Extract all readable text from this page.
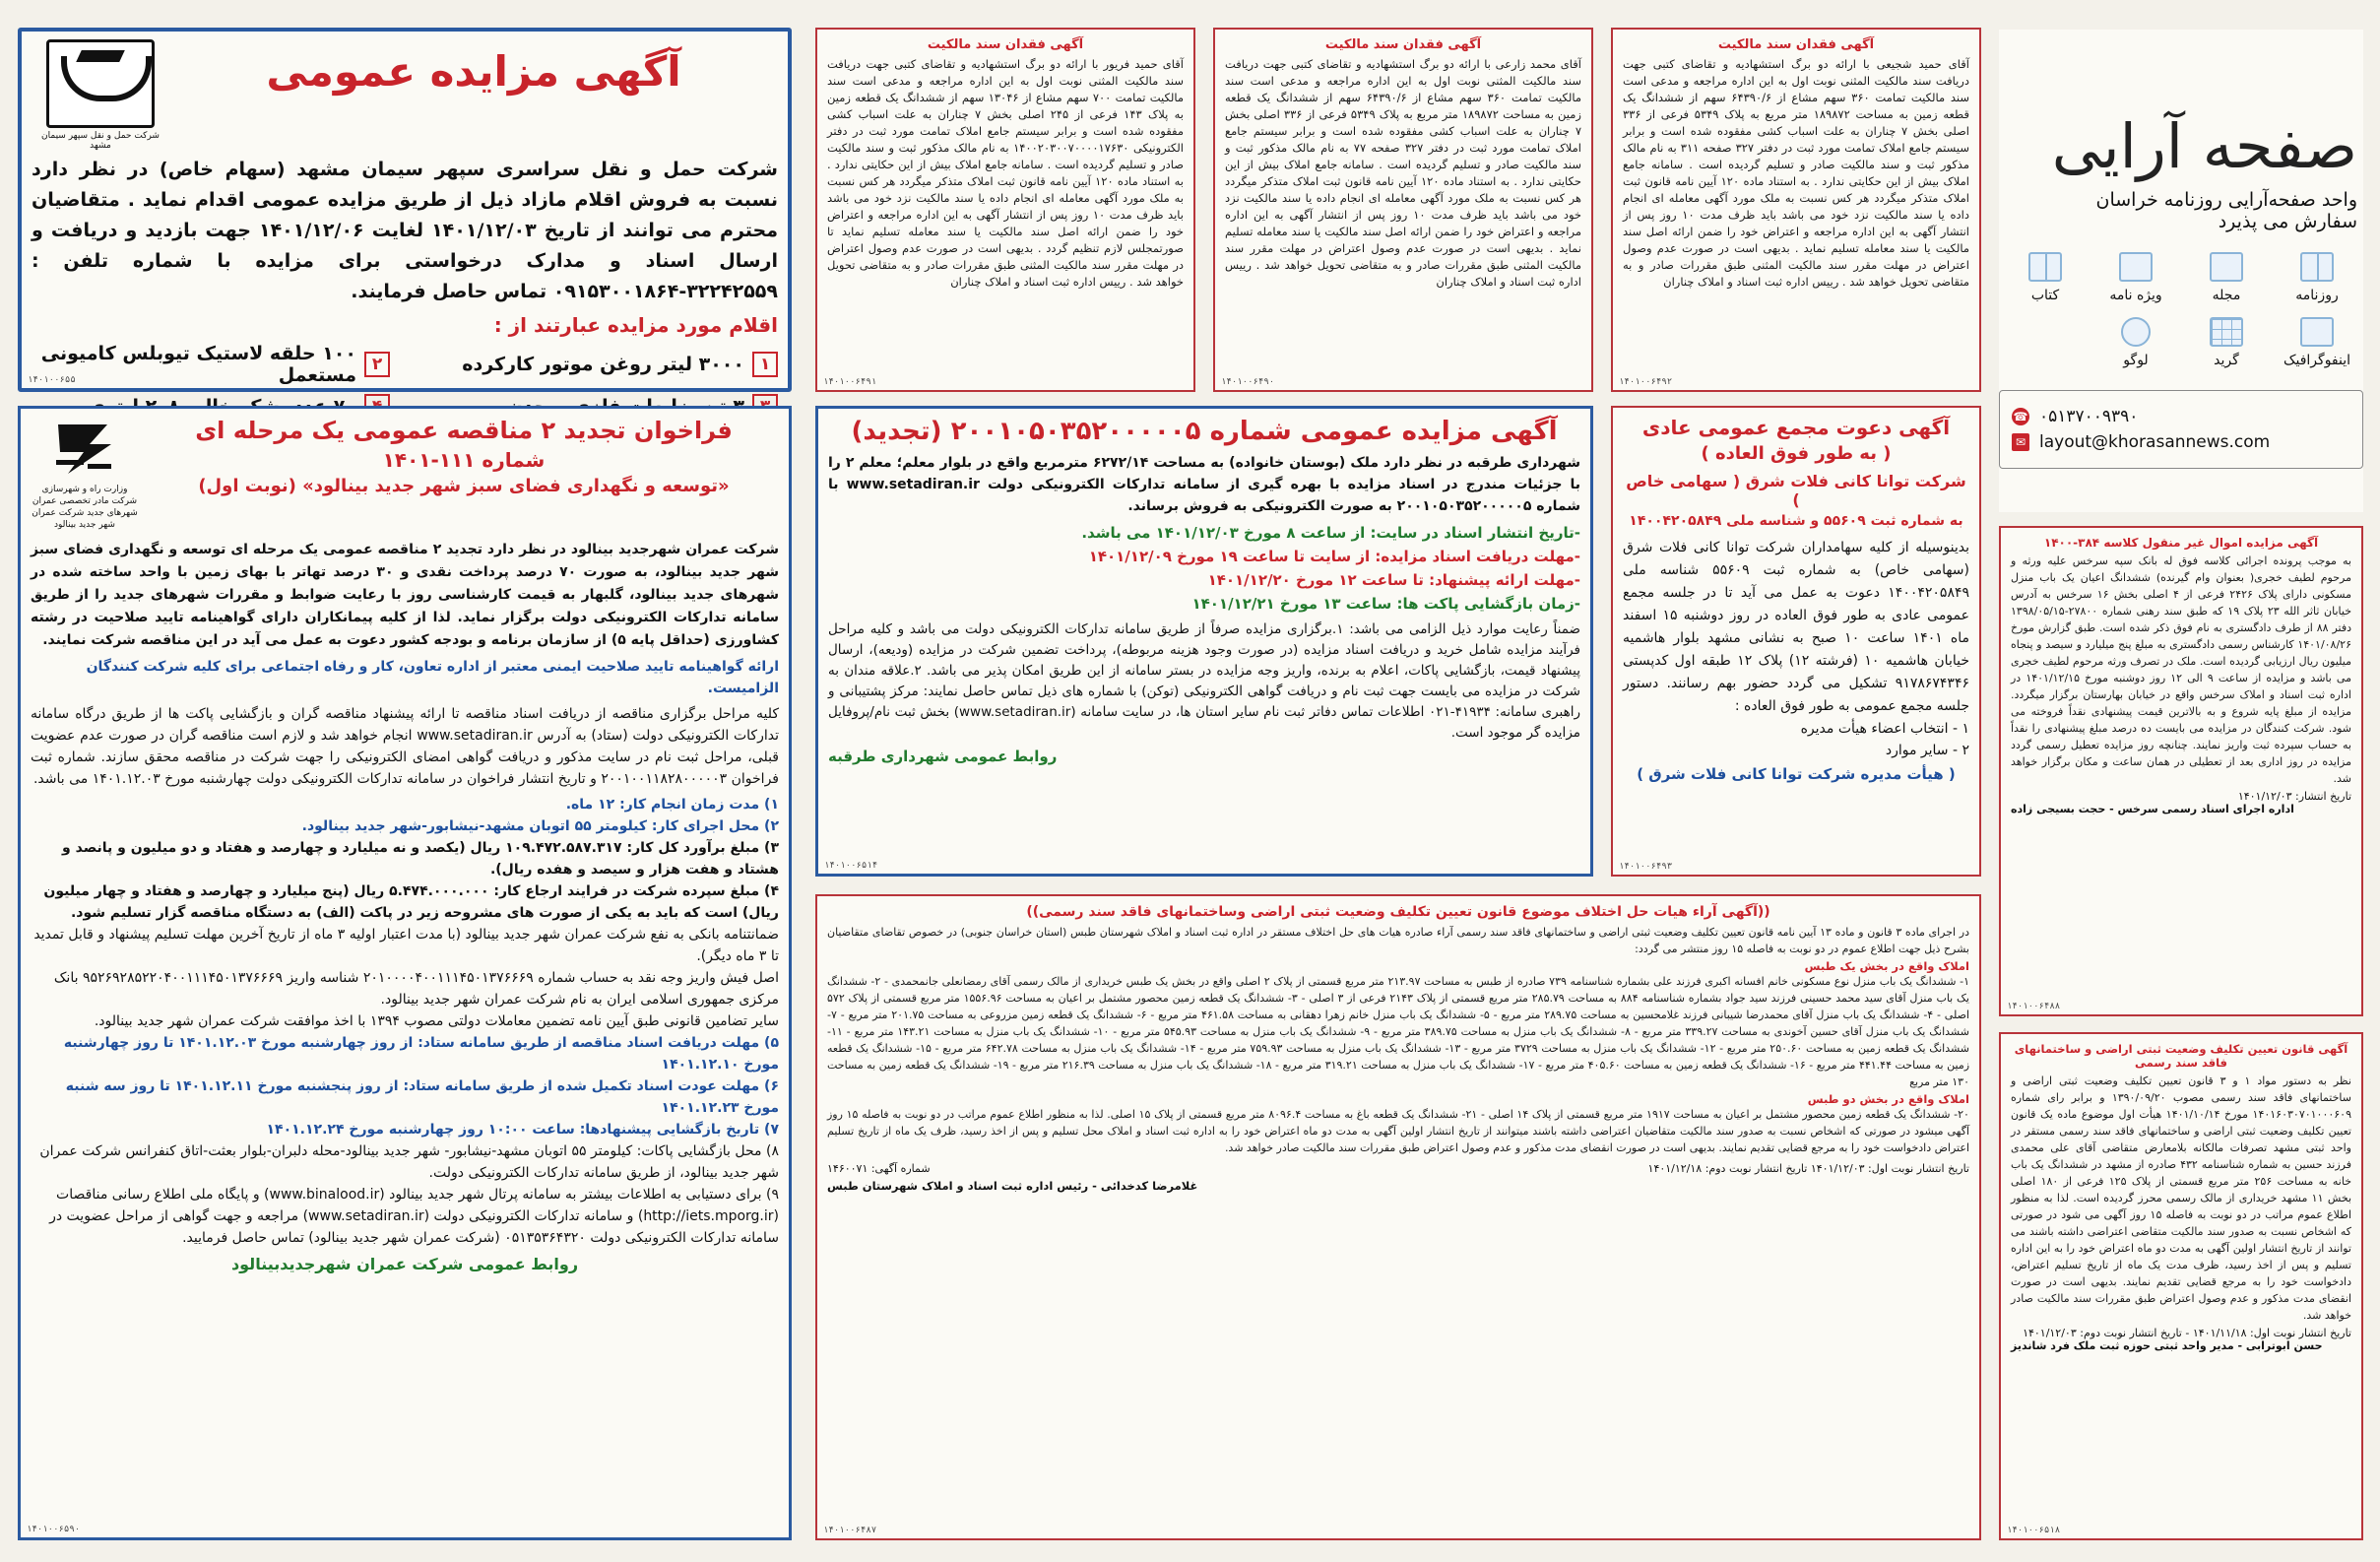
صفحه آرایی
واحد صفحه‌آرایی روزنامه خراسان
سفارش می پذیرد
روزنامه
مجله
ویژه نامه
کتاب
اینفوگرافیک
گرید
لوگو
☎ ۰۵۱۳۷۰۰۹۳۹۰
✉ layout@khorasannews.com
آگهی مزایده عمومی
شرکت حمل و نقل سپهر سیمان مشهد
شرکت حمل و نقل سراسری سپهر سیمان مشهد (سهام خاص) در نظر دارد نسبت به فروش اقلام مازاد ذیل از طریق مزایده عمومی اقدام نماید . متقاضیان محترم می توانند از تاریخ ۱۴۰۱/۱۲/۰۳ لغایت ۱۴۰۱/۱۲/۰۶ جهت بازدید و دریافت و ارسال اسناد و مدارک درخواستی برای مزایده با شماره تلفن : ۳۲۲۴۲۵۵۹-۰۹۱۵۳۰۰۱۸۶۴ تماس حاصل فرمایند.
اقلام مورد مزایده عبارتند از :
۱
۳۰۰۰ لیتر روغن موتور کارکرده
۲
۱۰۰ حلقه لاستیک تیوبلس کامیونی مستعمل
۱۴۰۱۰۰۶۵۵
آگهی فقدان سند مالکیت
آقای حمید فریور با ارائه دو برگ استشهادیه و تقاضای کتبی جهت دریافت سند مالکیت المثنی نوبت اول به این اداره مراجعه و مدعی است سند مالکیت تمامت ۷۰۰ سهم مشاع از ۱۳۰۴۶ سهم از ششدانگ یک قطعه زمین به پلاک ۱۴۳ فرعی از ۲۴۵ اصلی بخش ۷ چناران به علت اسباب کشی مفقوده شده است و برابر سیستم جامع املاک تمامت مورد ثبت در دفتر الکترونیکی ۱۴۰۰۲۰۳۰۰۷۰۰۰۰۱۷۶۳۰ به نام مالک مذکور ثبت و سند مالکیت صادر و تسلیم گردیده است . سامانه جامع املاک بیش از این حکایتی ندارد . به استناد ماده ۱۲۰ آیین نامه قانون ثبت املاک متذکر میگردد هر کس نسبت به ملک مورد آگهی معامله ای انجام داده یا سند مالکیت نزد خود می باشد باید ظرف مدت ۱۰ روز پس از انتشار آگهی به این اداره مراجعه و اعتراض خود را ضمن ارائه اصل سند مالکیت یا سند معامله تسلیم نماید تا صورتمجلس لازم تنظیم گردد . بدیهی است در صورت عدم وصول اعتراض در مهلت مقرر سند مالکیت المثنی طبق مقررات صادر و به متقاضی تحویل خواهد شد . رییس اداره ثبت اسناد و املاک چناران
۱۴۰۱۰۰۶۴۹۱
آگهی فقدان سند مالکیت
آقای محمد زارعی با ارائه دو برگ استشهادیه و تقاضای کتبی جهت دریافت سند مالکیت المثنی نوبت اول به این اداره مراجعه و مدعی است سند مالکیت تمامت ۳۶۰ سهم مشاع از ۶۴۳۹۰/۶ سهم از ششدانگ یک قطعه زمین به مساحت ۱۸۹۸۷۲ متر مربع به پلاک ۵۳۴۹ فرعی از ۳۳۶ اصلی بخش ۷ چناران به علت اسباب کشی مفقوده شده است و برابر سیستم جامع املاک تمامت مورد ثبت در دفتر ۳۲۷ صفحه ۷۷ به نام مالک مذکور ثبت و سند مالکیت صادر و تسلیم گردیده است . سامانه جامع املاک بیش از این حکایتی ندارد . به استناد ماده ۱۲۰ آیین نامه قانون ثبت املاک متذکر میگردد هر کس نسبت به ملک مورد آگهی معامله ای انجام داده یا سند مالکیت نزد خود می باشد باید ظرف مدت ۱۰ روز پس از انتشار آگهی به این اداره مراجعه و اعتراض خود را ضمن ارائه اصل سند مالکیت یا سند معامله تسلیم نماید . بدیهی است در صورت عدم وصول اعتراض در مهلت مقرر سند مالکیت المثنی طبق مقررات صادر و به متقاضی تحویل خواهد شد . رییس اداره ثبت اسناد و املاک چناران
۱۴۰۱۰۰۶۴۹۰
آگهی فقدان سند مالکیت
آقای حمید شجیعی با ارائه دو برگ استشهادیه و تقاضای کتبی جهت دریافت سند مالکیت المثنی نوبت اول به این اداره مراجعه و مدعی است سند مالکیت تمامت ۳۶۰ سهم مشاع از ۶۴۳۹۰/۶ سهم از ششدانگ یک قطعه زمین به مساحت ۱۸۹۸۷۲ متر مربع به پلاک ۵۳۴۹ فرعی از ۳۳۶ اصلی بخش ۷ چناران به علت اسباب کشی مفقوده شده است و برابر سیستم جامع املاک تمامت مورد ثبت در دفتر ۳۲۷ صفحه ۳۱۱ به نام مالک مذکور ثبت و سند مالکیت صادر و تسلیم گردیده است . سامانه جامع املاک بیش از این حکایتی ندارد . به استناد ماده ۱۲۰ آیین نامه قانون ثبت املاک متذکر میگردد هر کس نسبت به ملک مورد آگهی معامله ای انجام داده یا سند مالکیت نزد خود می باشد باید ظرف مدت ۱۰ روز پس از انتشار آگهی به این اداره مراجعه و اعتراض خود را ضمن ارائه اصل سند مالکیت یا سند معامله تسلیم نماید . بدیهی است در صورت عدم وصول اعتراض در مهلت مقرر سند مالکیت المثنی طبق مقررات صادر و به متقاضی تحویل خواهد شد . رییس اداره ثبت اسناد و املاک چناران
۱۴۰۱۰۰۶۴۹۲
فراخوان تجدید ۲ مناقصه عمومی یک مرحله ای
شماره ۱۱۱-۱۴۰۱
«توسعه و نگهداری فضای سبز شهر جدید بینالود» (نوبت اول)
وزارت راه و شهرسازی شرکت مادر تخصصی عمران شهرهای جدید شرکت عمران شهر جدید بینالود
شرکت عمران شهرجدید بینالود در نظر دارد تجدید ۲ مناقصه عمومی یک مرحله ای توسعه و نگهداری فضای سبز شهر جدید بینالود، به صورت ۷۰ درصد پرداخت نقدی و ۳۰ درصد تهاتر با بهای زمین با واحد ساخته شده در شهرهای جدید بینالود، گلبهار به قیمت کارشناسی روز با رعایت ضوابط و مقررات شهرهای جدید را از طریق سامانه تدارکات الکترونیکی دولت برگزار نماید. لذا از کلیه پیمانکاران دارای گواهینامه تایید صلاحیت در رشته کشاورزی (حداقل پایه ۵) از سازمان برنامه و بودجه کشور دعوت به عمل می آید در این مناقصه شرکت نمایند.
ارائه گواهینامه تایید صلاحیت ایمنی معتبر از اداره تعاون، کار و رفاه اجتماعی برای کلیه شرکت کنندگان الزامیست.
کلیه مراحل برگزاری مناقصه از دریافت اسناد مناقصه تا ارائه پیشنهاد مناقصه گران و بازگشایی پاکت ها از طریق درگاه سامانه تدارکات الکترونیکی دولت (ستاد) به آدرس www.setadiran.ir انجام خواهد شد و لازم است مناقصه گران در صورت عدم عضویت قبلی، مراحل ثبت نام در سایت مذکور و دریافت گواهی امضای الکترونیکی را جهت شرکت در مناقصه محقق سازند. شماره ثبت فراخوان ۲۰۰۱۰۰۱۱۸۲۸۰۰۰۰۰۳ و تاریخ انتشار فراخوان در سامانه تدارکات الکترونیکی دولت چهارشنبه مورخ ۱۴۰۱.۱۲.۰۳ می باشد.
۱) مدت زمان انجام کار: ۱۲ ماه.
۲) محل اجرای کار: کیلومتر ۵۵ اتوبان مشهد-نیشابور-شهر جدید بینالود.
۳) مبلغ برآورد کل کار: ۱۰۹.۴۷۲.۵۸۷.۳۱۷ ریال (یکصد و نه میلیارد و چهارصد و هفتاد و دو میلیون و پانصد و هشتاد و هفت هزار و سیصد و هفده ریال).
۴) مبلغ سپرده شرکت در فرایند ارجاع کار: ۵.۴۷۴.۰۰۰.۰۰۰ ریال (پنج میلیارد و چهارصد و هفتاد و چهار میلیون ریال) است که باید به یکی از صورت های مشروحه زیر در پاکت (الف) به دستگاه مناقصه گزار تسلیم شود.
ضمانتنامه بانکی به نفع شرکت عمران شهر جدید بینالود (با مدت اعتبار اولیه ۳ ماه از تاریخ آخرین مهلت تسلیم پیشنهاد و قابل تمدید تا ۳ ماه دیگر).
اصل فیش واریز وجه نقد به حساب شماره ۲۰۱۰۰۰۰۴۰۰۱۱۱۴۵۰۱۳۷۶۶۶۹ شناسه واریز ۹۵۲۶۹۲۸۵۲۲۰۴۰۰۱۱۱۴۵۰۱۳۷۶۶۶۹ بانک مرکزی جمهوری اسلامی ایران به نام شرکت عمران شهر جدید بینالود.
سایر تضامین قانونی طبق آیین نامه تضمین معاملات دولتی مصوب ۱۳۹۴ با اخذ موافقت شرکت عمران شهر جدید بینالود.
۵) مهلت دریافت اسناد مناقصه از طریق سامانه ستاد: از روز چهارشنبه مورخ ۱۴۰۱.۱۲.۰۳ تا روز چهارشنبه مورخ ۱۴۰۱.۱۲.۱۰
۶) مهلت عودت اسناد تکمیل شده از طریق سامانه ستاد: از روز پنجشنبه مورخ ۱۴۰۱.۱۲.۱۱ تا روز سه شنبه مورخ ۱۴۰۱.۱۲.۲۳
۷) تاریخ بازگشایی پیشنهادها: ساعت ۱۰:۰۰ روز چهارشنبه مورخ ۱۴۰۱.۱۲.۲۴
۸) محل بازگشایی پاکات: کیلومتر ۵۵ اتوبان مشهد-نیشابور- شهر جدید بینالود-محله دلبران-بلوار بعثت-اتاق کنفرانس شرکت عمران شهر جدید بینالود، از طریق سامانه تدارکات الکترونیکی دولت.
۹) برای دستیابی به اطلاعات بیشتر به سامانه پرتال شهر جدید بینالود (www.binalood.ir) و پایگاه ملی اطلاع رسانی مناقصات (http://iets.mporg.ir) و سامانه تدارکات الکترونیکی دولت (www.setadiran.ir) مراجعه و جهت گواهی از مراحل عضویت در سامانه تدارکات الکترونیکی دولت ۰۵۱۳۵۳۶۴۳۲۰ (شرکت عمران شهر جدید بینالود) تماس حاصل فرمایید.
روابط عمومی شرکت عمران شهرجدیدبینالود
۱۴۰۱۰۰۶۵۹۰
آگهی مزایده عمومی شماره ۲۰۰۱۰۵۰۳۵۲۰۰۰۰۰۵ (تجدید)
شهرداری طرقبه در نظر دارد ملک (بوستان خانواده) به مساحت ۶۲۷۲/۱۴ مترمربع واقع در بلوار معلم؛ معلم ۲ را با جزئیات مندرج در اسناد مزایده با بهره گیری از سامانه تدارکات الکترونیکی دولت www.setadiran.ir با شماره ۲۰۰۱۰۵۰۳۵۲۰۰۰۰۰۵ به صورت الکترونیکی به فروش برساند.
-تاریخ انتشار اسناد در سایت: از ساعت ۸ مورخ ۱۴۰۱/۱۲/۰۳ می باشد.
-مهلت دریافت اسناد مزایده: از سایت تا ساعت ۱۹ مورخ ۱۴۰۱/۱۲/۰۹
-مهلت ارائه پیشنهاد: تا ساعت ۱۲ مورخ ۱۴۰۱/۱۲/۲۰
-زمان بازگشایی پاکت ها: ساعت ۱۳ مورخ ۱۴۰۱/۱۲/۲۱
ضمناً رعایت موارد ذیل الزامی می باشد: ۱.برگزاری مزایده صرفاً از طریق سامانه تدارکات الکترونیکی دولت می باشد و کلیه مراحل فرآیند مزایده شامل خرید و دریافت اسناد مزایده (در صورت وجود هزینه مربوطه)، پرداخت تضمین شرکت در مزایده (ودیعه)، ارسال پیشنهاد قیمت، بازگشایی پاکات، اعلام به برنده، واریز وجه مزایده در بستر سامانه از این طریق امکان پذیر می باشد. ۲.علاقه مندان به شرکت در مزایده می بایست جهت ثبت نام و دریافت گواهی الکترونیکی (توکن) با شماره های ذیل تماس حاصل نمایند: مرکز پشتیبانی و راهبری سامانه: ۴۱۹۳۴-۰۲۱ اطلاعات تماس دفاتر ثبت نام سایر استان ها، در سایت سامانه (www.setadiran.ir) بخش ثبت نام/پروفایل مزایده گر موجود است.
روابط عمومی شهرداری طرقبه
۱۴۰۱۰۰۶۵۱۴
آگهی دعوت مجمع عمومی عادی
( به طور فوق العاده )
شرکت توانا کانی فلات شرق ( سهامی خاص )
به شماره ثبت ۵۵۶۰۹ و شناسه ملی ۱۴۰۰۴۲۰۵۸۴۹
بدینوسیله از کلیه سهامداران شرکت توانا کانی فلات شرق (سهامی خاص) به شماره ثبت ۵۵۶۰۹ شناسه ملی ۱۴۰۰۴۲۰۵۸۴۹ دعوت به عمل می آید تا در جلسه مجمع عمومی عادی به طور فوق العاده در روز دوشنبه ۱۵ اسفند ماه ۱۴۰۱ ساعت ۱۰ صبح به نشانی مشهد بلوار هاشمیه خیابان هاشمیه ۱۰ (فرشته ۱۲) پلاک ۱۲ طبقه اول کدپستی ۹۱۷۸۶۷۴۳۴۶ تشکیل می گردد حضور بهم رسانند. دستور جلسه مجمع عمومی به طور فوق العاده :
۱ - انتخاب اعضاء هیأت مدیره
۲ - سایر موارد
( هیأت مدیره شرکت توانا کانی فلات شرق )
۱۴۰۱۰۰۶۴۹۳
((آگهی آراء هیات حل اختلاف موضوع قانون تعیین تکلیف وضعیت ثبتی اراضی وساختمانهای فاقد سند رسمی))
در اجرای ماده ۳ قانون و ماده ۱۳ آیین نامه قانون تعیین تکلیف وضعیت ثبتی اراضی و ساختمانهای فاقد سند رسمی آراء صادره هیات های حل اختلاف مستقر در اداره ثبت اسناد و املاک شهرستان طبس (استان خراسان جنوبی) در خصوص تقاضای متقاضیان بشرح ذیل جهت اطلاع عموم در دو نوبت به فاصله ۱۵ روز منتشر می گردد:
املاک واقع در بخش یک طبس
۱- ششدانگ یک باب منزل نوع مسکونی خانم افسانه اکبری فرزند علی بشماره شناسنامه ۷۳۹ صادره از طبس به مساحت ۲۱۳.۹۷ متر مربع قسمتی از پلاک ۲ اصلی واقع در بخش یک طبس خریداری از مالک رسمی آقای رمضانعلی جانمحمدی - ۲- ششدانگ یک باب منزل آقای سید محمد حسینی فرزند سید جواد بشماره شناسنامه ۸۸۴ به مساحت ۲۸۵.۷۹ متر مربع قسمتی از پلاک ۲۱۴۳ فرعی از ۳ اصلی - ۳- ششدانگ یک قطعه زمین محصور مشتمل بر اعیان به مساحت ۱۵۵۶.۹۶ متر مربع قسمتی از پلاک ۵۷۲ اصلی - ۴- ششدانگ یک باب منزل آقای محمدرضا شیبانی فرزند غلامحسین به مساحت ۲۸۹.۷۵ متر مربع - ۵- ششدانگ یک باب منزل خانم زهرا دهقانی به مساحت ۴۶۱.۵۸ متر مربع - ۶- ششدانگ یک قطعه زمین مزروعی به مساحت ۲۰۱.۷۵ متر مربع - ۷- ششدانگ یک باب منزل آقای حسین آخوندی به مساحت ۳۳۹.۲۷ متر مربع - ۸- ششدانگ یک باب منزل به مساحت ۳۸۹.۷۵ متر مربع - ۹- ششدانگ یک باب منزل به مساحت ۵۴۵.۹۳ متر مربع - ۱۰- ششدانگ یک باب منزل به مساحت ۱۴۳.۲۱ متر مربع - ۱۱- ششدانگ یک قطعه زمین به مساحت ۲۵۰.۶۰ متر مربع - ۱۲- ششدانگ یک باب منزل به مساحت ۳۷۲۹ متر مربع - ۱۳- ششدانگ یک باب منزل به مساحت ۷۵۹.۹۳ متر مربع - ۱۴- ششدانگ یک باب منزل به مساحت ۶۴۲.۷۸ متر مربع - ۱۵- ششدانگ یک قطعه زمین به مساحت ۴۴۱.۴۴ متر مربع - ۱۶- ششدانگ یک قطعه زمین به مساحت ۴۰۵.۶۰ متر مربع - ۱۷- ششدانگ یک باب منزل به مساحت ۳۱۹.۲۱ متر مربع - ۱۸- ششدانگ یک باب منزل به مساحت ۲۱۶.۳۹ متر مربع - ۱۹- ششدانگ یک قطعه زمین به مساحت ۱۳۰ متر مربع
املاک واقع در بخش دو طبس
۲۰- ششدانگ یک قطعه زمین محصور مشتمل بر اعیان به مساحت ۱۹۱۷ متر مربع قسمتی از پلاک ۱۴ اصلی - ۲۱- ششدانگ یک قطعه باغ به مساحت ۸۰۹۶.۴ متر مربع قسمتی از پلاک ۱۵ اصلی. لذا به منظور اطلاع عموم مراتب در دو نوبت به فاصله ۱۵ روز آگهی میشود در صورتی که اشخاص نسبت به صدور سند مالکیت متقاضیان اعتراضی داشته باشند میتوانند از تاریخ انتشار اولین آگهی به مدت دو ماه اعتراض خود را به اداره ثبت اسناد و املاک محل تسلیم و پس از اخذ رسید، ظرف یک ماه از تاریخ تسلیم اعتراض دادخواست خود را به مرجع قضایی تقدیم نمایند. بدیهی است در صورت انقضای مدت مذکور و عدم وصول اعتراض طبق مقررات سند مالکیت صادر خواهد شد.
تاریخ انتشار نوبت اول: ۱۴۰۱/۱۲/۰۳ تاریخ انتشار نوبت دوم: ۱۴۰۱/۱۲/۱۸
شماره آگهی: ۱۴۶۰۰۷۱
غلامرضا کدخدائی - رئیس اداره ثبت اسناد و املاک شهرستان طبس
۱۴۰۱۰۰۶۴۸۷
آگهی مزایده اموال غیر منقول کلاسه ۳۸۴-۱۴۰۰
به موجب پرونده اجرائی کلاسه فوق له بانک سپه سرخس علیه ورثه و مرحوم لطیف خجری( بعنوان وام گیرنده) ششدانگ اعیان یک باب منزل مسکونی دارای پلاک ۲۴۲۶ فرعی از ۴ اصلی بخش ۱۶ سرخس به آدرس خیابان ثاثر الله ۲۳ پلاک ۱۹ که طبق سند رهنی شماره ۲۷۸۰۰-۱۳۹۸/۰۵/۱۵ دفتر ۸۸ از طرف دادگستری به نام فوق ذکر شده است. طبق گزارش مورخ ۱۴۰۱/۰۸/۲۶ کارشناس رسمی دادگستری به مبلغ پنج میلیارد و سیصد و پنجاه میلیون ریال ارزیابی گردیده است. ملک در تصرف ورثه مرحوم لطیف خجری می باشد و مزایده از ساعت ۹ الی ۱۲ روز دوشنبه مورخ ۱۴۰۱/۱۲/۱۵ در اداره ثبت اسناد و املاک سرخس واقع در خیابان بهارستان برگزار میگردد. مزایده از مبلغ پایه شروع و به بالاترین قیمت پیشنهادی نقداً فروخته می شود. شرکت کنندگان در مزایده می بایست ده درصد مبلغ پیشنهادی را نقداً به حساب سپرده ثبت واریز نمایند. چنانچه روز مزایده تعطیل رسمی گردد مزایده در روز اداری بعد از تعطیلی در همان ساعت و مکان برگزار خواهد شد.
تاریخ انتشار: ۱۴۰۱/۱۲/۰۳
اداره اجرای اسناد رسمی سرخس - حجت بسیجی زاده
۱۴۰۱۰۰۶۴۸۸
آگهی قانون تعیین تکلیف وضعیت ثبتی اراضی و ساختمانهای فاقد سند رسمی
نظر به دستور مواد ۱ و ۳ قانون تعیین تکلیف وضعیت ثبتی اراضی و ساختمانهای فاقد سند رسمی مصوب ۱۳۹۰/۰۹/۲۰ و برابر رای شماره ۱۴۰۱۶۰۳۰۷۰۱۰۰۰۶۰۹ مورخ ۱۴۰۱/۱۰/۱۴ هیأت اول موضوع ماده یک قانون تعیین تکلیف وضعیت ثبتی اراضی و ساختمانهای فاقد سند رسمی مستقر در واحد ثبتی مشهد تصرفات مالکانه بلامعارض متقاضی آقای علی محمدی فرزند حسین به شماره شناسنامه ۴۳۲ صادره از مشهد در ششدانگ یک باب خانه به مساحت ۲۵۶ متر مربع قسمتی از پلاک ۱۲۵ فرعی از ۱۸۰ اصلی بخش ۱۱ مشهد خریداری از مالک رسمی محرز گردیده است. لذا به منظور اطلاع عموم مراتب در دو نوبت به فاصله ۱۵ روز آگهی می شود در صورتی که اشخاص نسبت به صدور سند مالکیت متقاضی اعتراضی داشته باشند می توانند از تاریخ انتشار اولین آگهی به مدت دو ماه اعتراض خود را به این اداره تسلیم و پس از اخذ رسید، ظرف مدت یک ماه از تاریخ تسلیم اعتراض، دادخواست خود را به مرجع قضایی تقدیم نمایند. بدیهی است در صورت انقضای مدت مذکور و عدم وصول اعتراض طبق مقررات سند مالکیت صادر خواهد شد.
تاریخ انتشار نوبت اول: ۱۴۰۱/۱۱/۱۸ - تاریخ انتشار نوبت دوم: ۱۴۰۱/۱۲/۰۳
حسن ابوترابی - مدیر واحد ثبتی حوزه ثبت ملک فرد شاندیز
۱۴۰۱۰۰۶۵۱۸
